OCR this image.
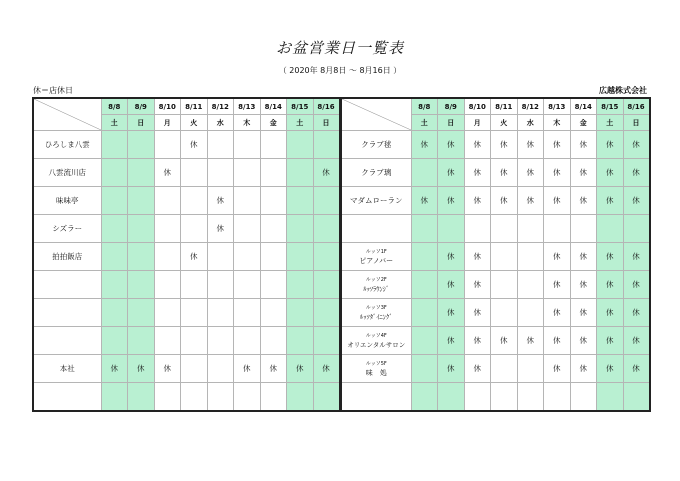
お盆営業日一覧表
（ 2020年 8月8日 ～ 8月16日 ）
休＝店休日	広越株式会社
	8/8	8/9	8/10	8/11	8/12	8/13	8/14	8/15	8/16
	土	日	月	火	水	木	金	土	日
ひろしま八雲				休					
八雲流川店			休						休
味味亭					休				
シズラー					休				
拍拍飯店				休					

本社	休	休	休			休	休	休	休

	8/8	8/9	8/10	8/11	8/12	8/13	8/14	8/15	8/16
	土	日	月	火	水	木	金	土	日
クラブ毬	休	休	休	休	休	休	休	休	休
クラブ璃		休	休	休	休	休	休	休	休
マダムローラン	休	休	休	休	休	休	休	休	休

ルッソ1F
ピアノバー		休	休			休	休	休	休

ルッソ2F
ﾙｯｿﾗｳﾝｼﾞ		休	休			休	休	休	休

ルッソ3F
ﾙｯｿﾀﾞｲﾆﾝｸﾞ		休	休			休	休	休	休

ルッソ4F
オリエンタルサロン		休	休	休	休	休	休	休	休

ルッソ5F
味　処		休	休			休	休	休	休
